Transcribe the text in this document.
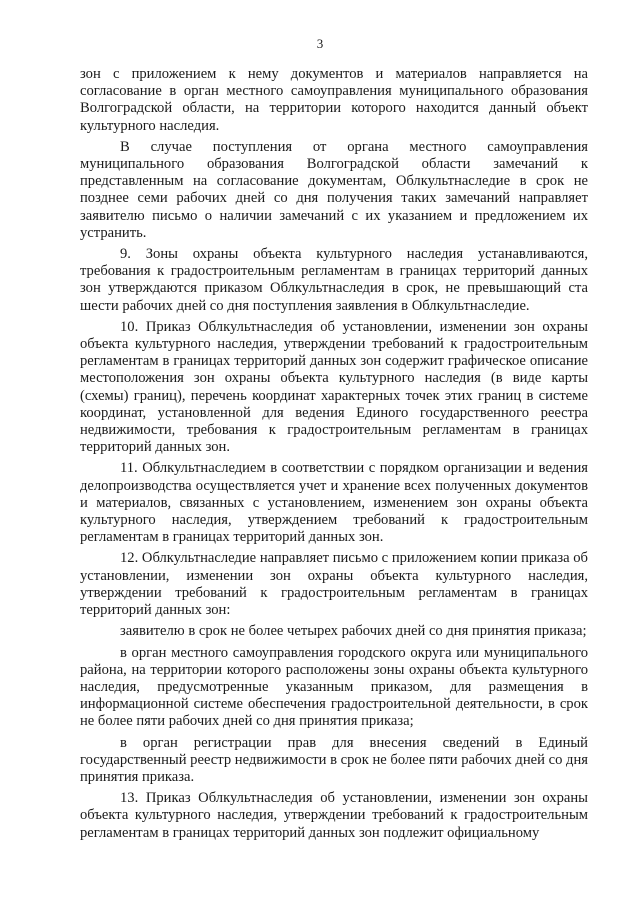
3

зон с приложением к нему документов и материалов направляется на согласование в орган местного самоуправления муниципального образования Волгоградской области, на территории которого находится данный объект культурного наследия.

В случае поступления от органа местного самоуправления муниципального образования Волгоградской области замечаний к представленным на согласование документам, Облкультнаследие в срок не позднее семи рабочих дней со дня получения таких замечаний направляет заявителю письмо о наличии замечаний с их указанием и предложением их устранить.

9. Зоны охраны объекта культурного наследия устанавливаются, требования к градостроительным регламентам в границах территорий данных зон утверждаются приказом Облкультнаследия в срок, не превышающий ста шести рабочих дней со дня поступления заявления в Облкультнаследие.

10. Приказ Облкультнаследия об установлении, изменении зон охраны объекта культурного наследия, утверждении требований к градостроительным регламентам в границах территорий данных зон содержит графическое описание местоположения зон охраны объекта культурного наследия (в виде карты (схемы) границ), перечень координат характерных точек этих границ в системе координат, установленной для ведения Единого государственного реестра недвижимости, требования к градостроительным регламентам в границах территорий данных зон.

11. Облкультнаследием в соответствии с порядком организации и ведения делопроизводства осуществляется учет и хранение всех полученных документов и материалов, связанных с установлением, изменением зон охраны объекта культурного наследия, утверждением требований к градостроительным регламентам в границах территорий данных зон.

12. Облкультнаследие направляет письмо с приложением копии приказа об установлении, изменении зон охраны объекта культурного наследия, утверждении требований к градостроительным регламентам в границах территорий данных зон:

заявителю в срок не более четырех рабочих дней со дня принятия приказа;

в орган местного самоуправления городского округа или муниципального района, на территории которого расположены зоны охраны объекта культурного наследия, предусмотренные указанным приказом, для размещения в информационной системе обеспечения градостроительной деятельности, в срок не более пяти рабочих дней со дня принятия приказа;

в орган регистрации прав для внесения сведений в Единый государственный реестр недвижимости в срок не более пяти рабочих дней со дня принятия приказа.

13. Приказ Облкультнаследия об установлении, изменении зон охраны объекта культурного наследия, утверждении требований к градостроительным регламентам в границах территорий данных зон подлежит официальному
